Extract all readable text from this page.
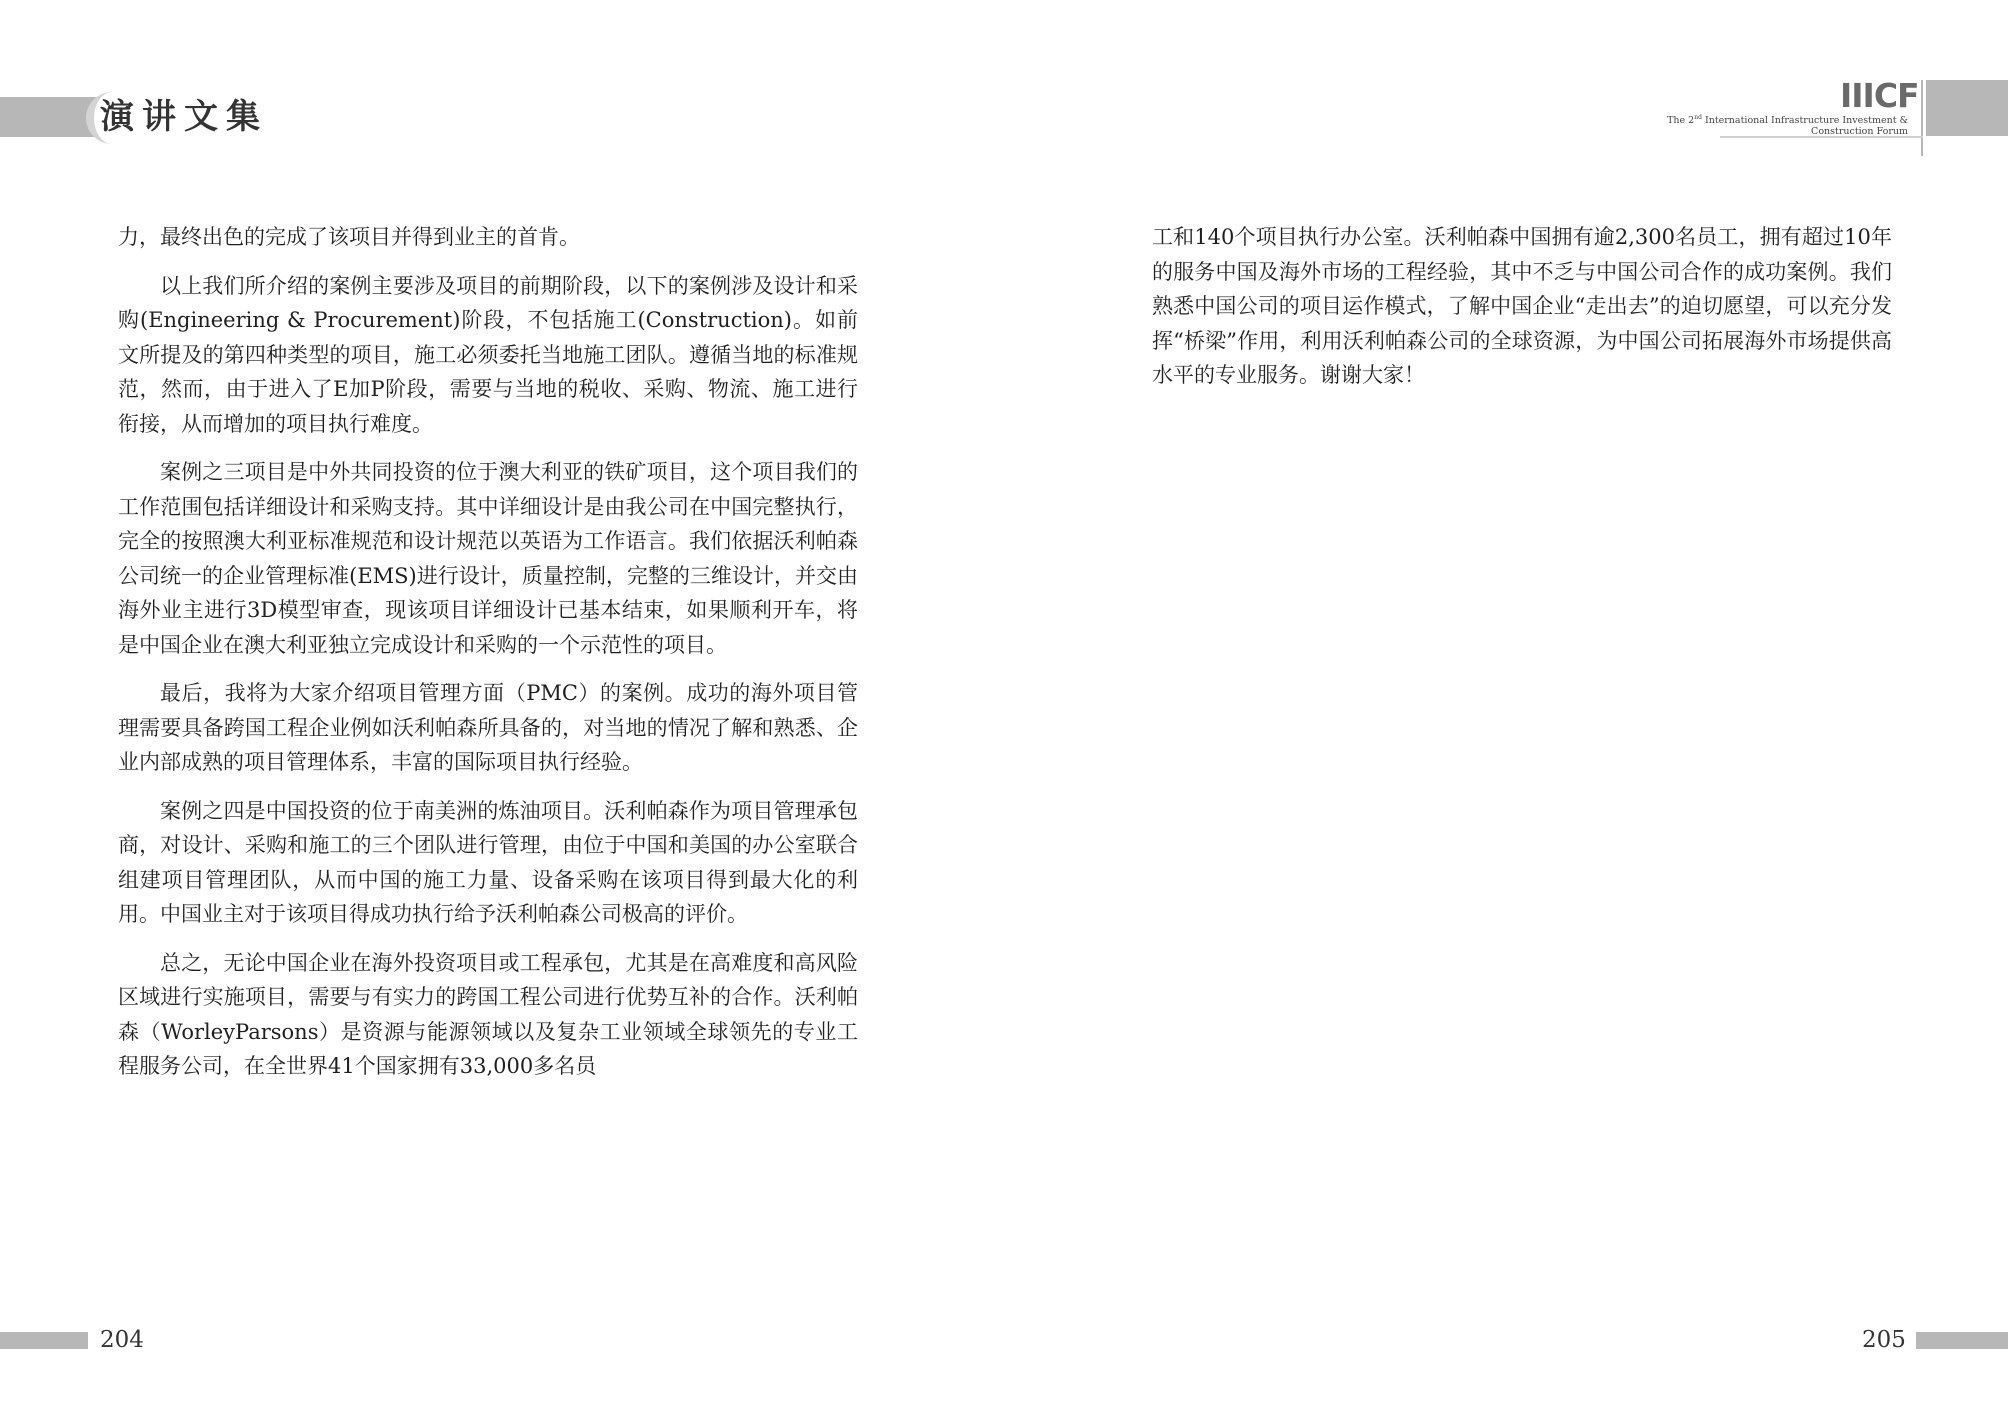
演讲文集
IIICF
The 2nd International Infrastructure Investment &
Construction Forum

力，最终出色的完成了该项目并得到业主的首肯。

以上我们所介绍的案例主要涉及项目的前期阶段，以下的案例涉及设计和采购(Engineering & Procurement)阶段，不包括施工(Construction)。如前文所提及的第四种类型的项目，施工必须委托当地施工团队。遵循当地的标准规范，然而，由于进入了E加P阶段，需要与当地的税收、采购、物流、施工进行衔接，从而增加的项目执行难度。

案例之三项目是中外共同投资的位于澳大利亚的铁矿项目，这个项目我们的工作范围包括详细设计和采购支持。其中详细设计是由我公司在中国完整执行，完全的按照澳大利亚标准规范和设计规范以英语为工作语言。我们依据沃利帕森公司统一的企业管理标准(EMS)进行设计，质量控制，完整的三维设计，并交由海外业主进行3D模型审查，现该项目详细设计已基本结束，如果顺利开车，将是中国企业在澳大利亚独立完成设计和采购的一个示范性的项目。

最后，我将为大家介绍项目管理方面（PMC）的案例。成功的海外项目管理需要具备跨国工程企业例如沃利帕森所具备的，对当地的情况了解和熟悉、企业内部成熟的项目管理体系，丰富的国际项目执行经验。

案例之四是中国投资的位于南美洲的炼油项目。沃利帕森作为项目管理承包商，对设计、采购和施工的三个团队进行管理，由位于中国和美国的办公室联合组建项目管理团队，从而中国的施工力量、设备采购在该项目得到最大化的利用。中国业主对于该项目得成功执行给予沃利帕森公司极高的评价。

总之，无论中国企业在海外投资项目或工程承包，尤其是在高难度和高风险区域进行实施项目，需要与有实力的跨国工程公司进行优势互补的合作。沃利帕森（WorleyParsons）是资源与能源领域以及复杂工业领域全球领先的专业工程服务公司，在全世界41个国家拥有33,000多名员

工和140个项目执行办公室。沃利帕森中国拥有逾2,300名员工，拥有超过10年的服务中国及海外市场的工程经验，其中不乏与中国公司合作的成功案例。我们熟悉中国公司的项目运作模式，了解中国企业“走出去”的迫切愿望，可以充分发挥“桥梁”作用，利用沃利帕森公司的全球资源，为中国公司拓展海外市场提供高水平的专业服务。谢谢大家！

204	205
